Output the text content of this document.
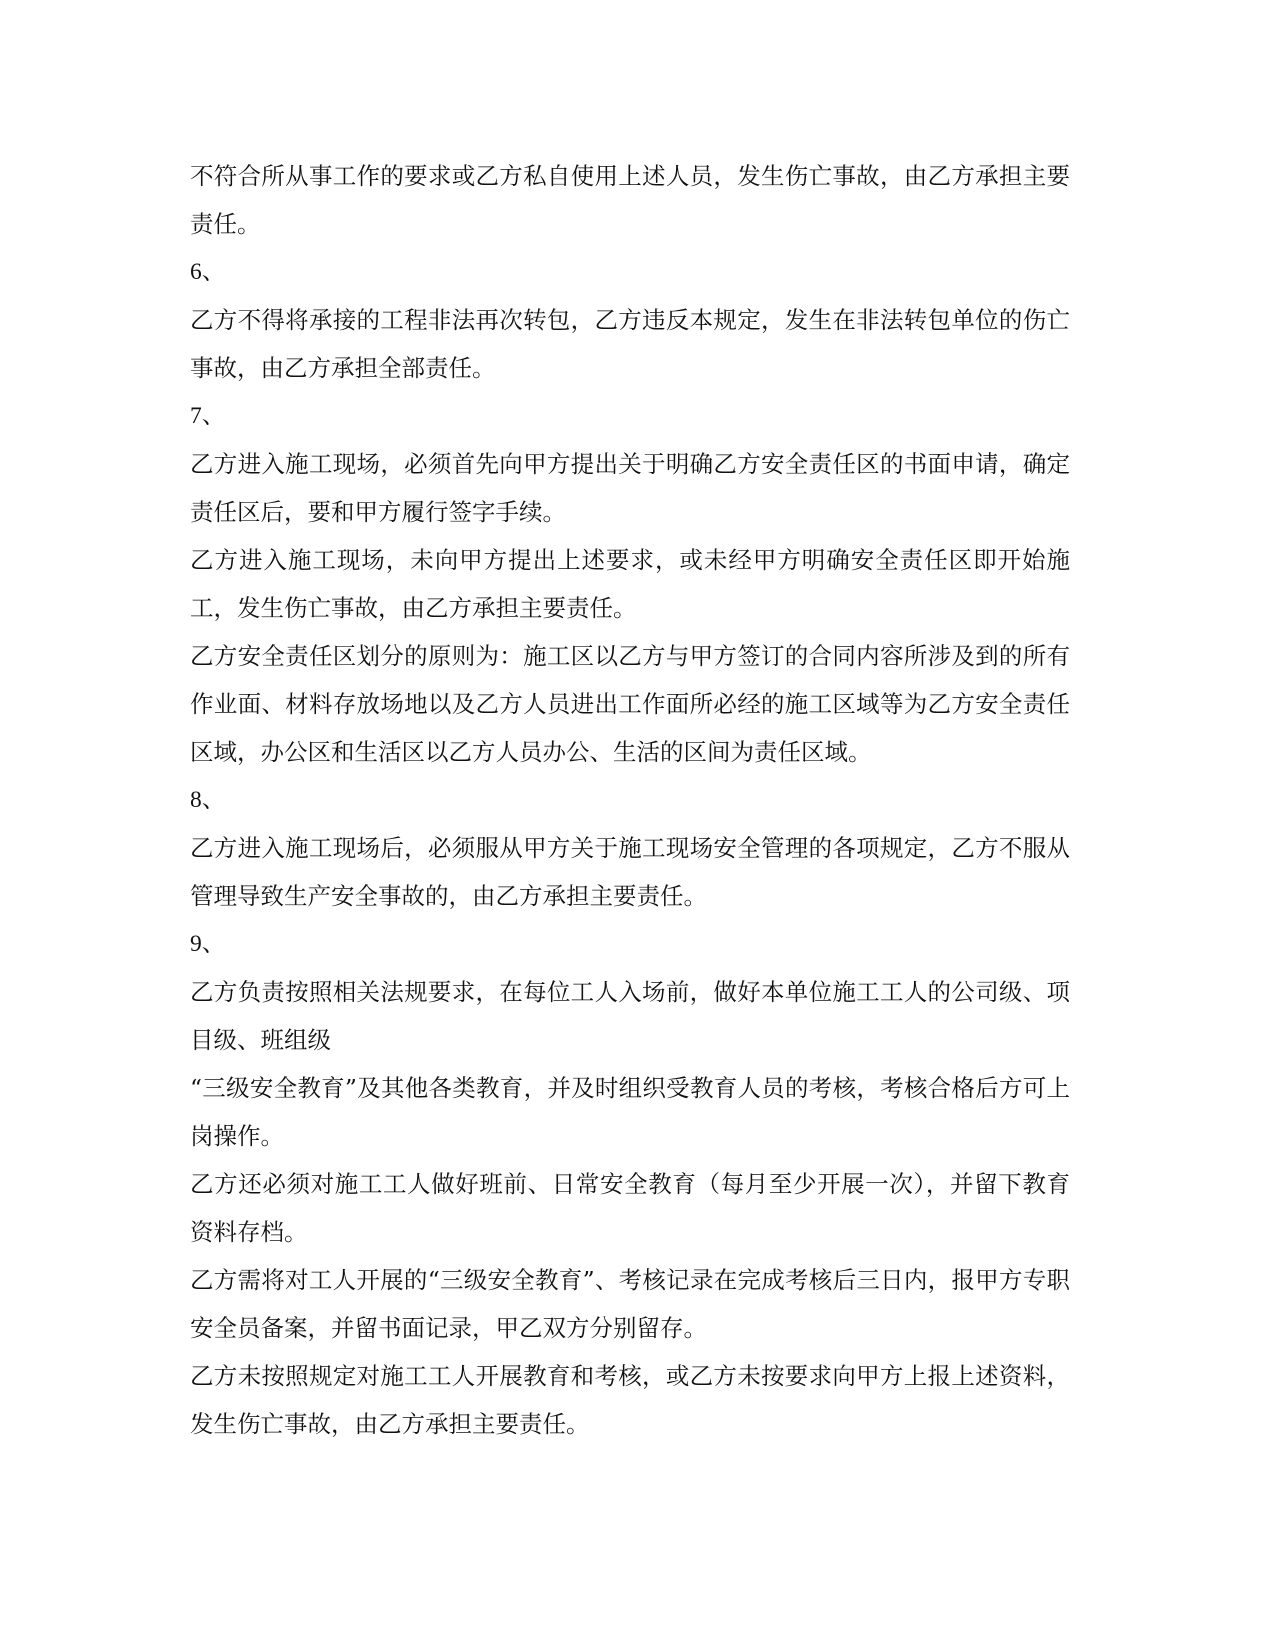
不符合所从事工作的要求或乙方私自使用上述人员，发生伤亡事故，由乙方承担主要责任。

6、

乙方不得将承接的工程非法再次转包，乙方违反本规定，发生在非法转包单位的伤亡事故，由乙方承担全部责任。

7、

乙方进入施工现场，必须首先向甲方提出关于明确乙方安全责任区的书面申请，确定责任区后，要和甲方履行签字手续。

乙方进入施工现场，未向甲方提出上述要求，或未经甲方明确安全责任区即开始施工，发生伤亡事故，由乙方承担主要责任。

乙方安全责任区划分的原则为：施工区以乙方与甲方签订的合同内容所涉及到的所有作业面、材料存放场地以及乙方人员进出工作面所必经的施工区域等为乙方安全责任区域，办公区和生活区以乙方人员办公、生活的区间为责任区域。

8、

乙方进入施工现场后，必须服从甲方关于施工现场安全管理的各项规定，乙方不服从管理导致生产安全事故的，由乙方承担主要责任。

9、

乙方负责按照相关法规要求，在每位工人入场前，做好本单位施工工人的公司级、项目级、班组级

“三级安全教育”及其他各类教育，并及时组织受教育人员的考核，考核合格后方可上岗操作。

乙方还必须对施工工人做好班前、日常安全教育（每月至少开展一次），并留下教育资料存档。

乙方需将对工人开展的“三级安全教育”、考核记录在完成考核后三日内，报甲方专职安全员备案，并留书面记录，甲乙双方分别留存。

乙方未按照规定对施工工人开展教育和考核，或乙方未按要求向甲方上报上述资料，发生伤亡事故，由乙方承担主要责任。
